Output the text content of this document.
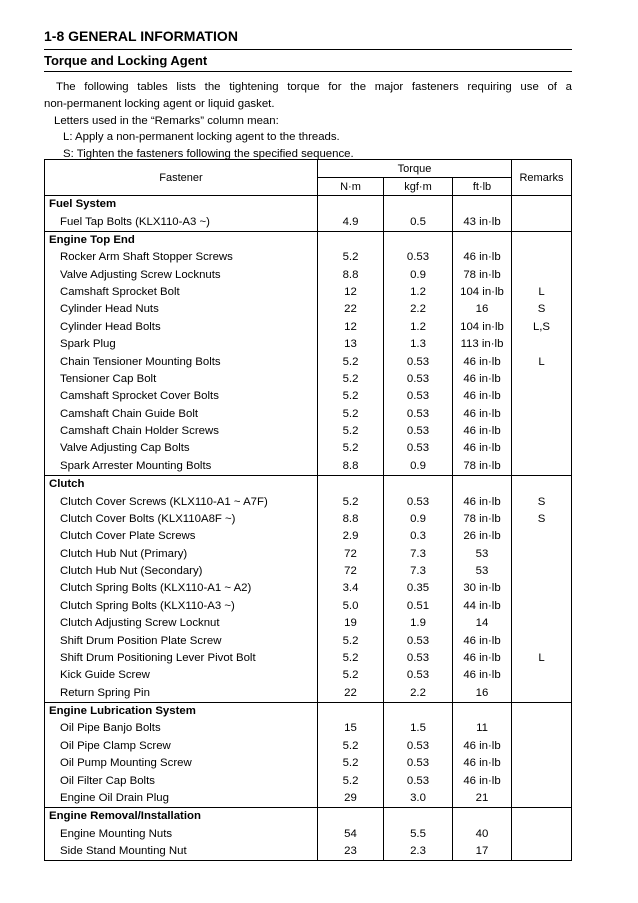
1-8 GENERAL INFORMATION
Torque and Locking Agent

The following tables lists the tightening torque for the major fasteners requiring use of a

non-permanent locking agent or liquid gasket.

Letters used in the “Remarks” column mean:

L: Apply a non-permanent locking agent to the threads.

S: Tighten the fasteners following the specified sequence.

Fastener	Torque			Remarks
	N·m	kgf·m	ft·lb	
Fuel System				
Fuel Tap Bolts (KLX110-A3 ~)	4.9	0.5	43 in·lb	
Engine Top End				
Rocker Arm Shaft Stopper Screws	5.2	0.53	46 in·lb	
Valve Adjusting Screw Locknuts	8.8	0.9	78 in·lb	
Camshaft Sprocket Bolt	12	1.2	104 in·lb	L
Cylinder Head Nuts	22	2.2	16	S
Cylinder Head Bolts	12	1.2	104 in·lb	L,S
Spark Plug	13	1.3	113 in·lb	
Chain Tensioner Mounting Bolts	5.2	0.53	46 in·lb	L
Tensioner Cap Bolt	5.2	0.53	46 in·lb	
Camshaft Sprocket Cover Bolts	5.2	0.53	46 in·lb	
Camshaft Chain Guide Bolt	5.2	0.53	46 in·lb	
Camshaft Chain Holder Screws	5.2	0.53	46 in·lb	
Valve Adjusting Cap Bolts	5.2	0.53	46 in·lb	
Spark Arrester Mounting Bolts	8.8	0.9	78 in·lb	
Clutch				
Clutch Cover Screws (KLX110-A1 ~ A7F)	5.2	0.53	46 in·lb	S
Clutch Cover Bolts (KLX110A8F ~)	8.8	0.9	78 in·lb	S
Clutch Cover Plate Screws	2.9	0.3	26 in·lb	
Clutch Hub Nut (Primary)	72	7.3	53	
Clutch Hub Nut (Secondary)	72	7.3	53	
Clutch Spring Bolts (KLX110-A1 ~ A2)	3.4	0.35	30 in·lb	
Clutch Spring Bolts (KLX110-A3 ~)	5.0	0.51	44 in·lb	
Clutch Adjusting Screw Locknut	19	1.9	14	
Shift Drum Position Plate Screw	5.2	0.53	46 in·lb	
Shift Drum Positioning Lever Pivot Bolt	5.2	0.53	46 in·lb	L
Kick Guide Screw	5.2	0.53	46 in·lb	
Return Spring Pin	22	2.2	16	
Engine Lubrication System				
Oil Pipe Banjo Bolts	15	1.5	11	
Oil Pipe Clamp Screw	5.2	0.53	46 in·lb	
Oil Pump Mounting Screw	5.2	0.53	46 in·lb	
Oil Filter Cap Bolts	5.2	0.53	46 in·lb	
Engine Oil Drain Plug	29	3.0	21	
Engine Removal/Installation				
Engine Mounting Nuts	54	5.5	40	
Side Stand Mounting Nut	23	2.3	17	
